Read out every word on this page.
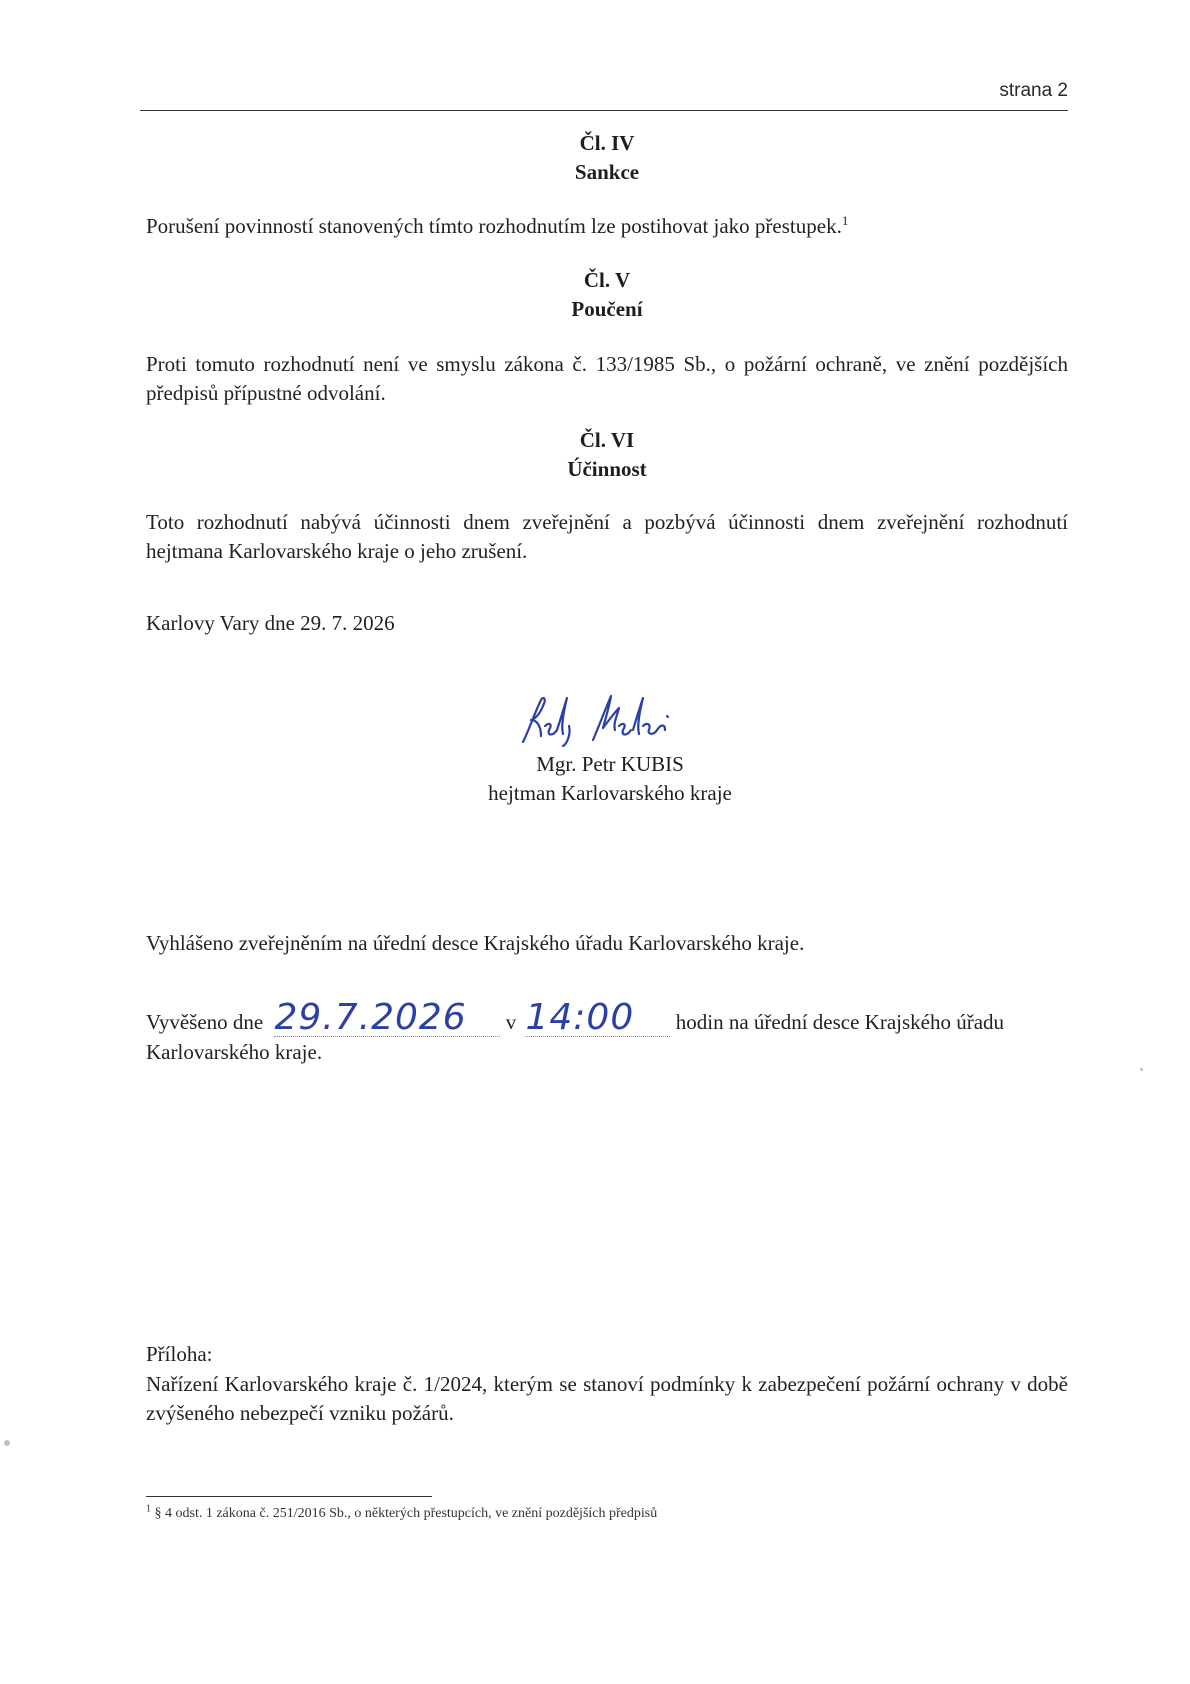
strana 2
Čl. IV
Sankce
Porušení povinností stanovených tímto rozhodnutím lze postihovat jako přestupek.$^1$
Čl. V
Poučení
Proti tomuto rozhodnutí není ve smyslu zákona č. 133/1985 Sb., o požární ochraně, ve znění pozdějších předpisů přípustné odvolání.
Čl. VI
Účinnost
Toto rozhodnutí nabývá účinnosti dnem zveřejnění a pozbývá účinnosti dnem zveřejnění rozhodnutí hejtmana Karlovarského kraje o jeho zrušení.
Karlovy Vary dne 29. 7. 2026
Mgr. Petr KUBIS
hejtman Karlovarského kraje
Vyhlášeno zveřejněním na úřední desce Krajského úřadu Karlovarského kraje.
Vyvěšeno dne 29.7.2026	v 14:00	hodin na úřední desce Krajského úřadu
Karlovarského kraje.
Příloha:
Nařízení Karlovarského kraje č. 1/2024, kterým se stanoví podmínky k zabezpečení požární ochrany v době zvýšeného nebezpečí vzniku požárů.
$^1$ § 4 odst. 1 zákona č. 251/2016 Sb., o některých přestupcích, ve znění pozdějších předpisů
